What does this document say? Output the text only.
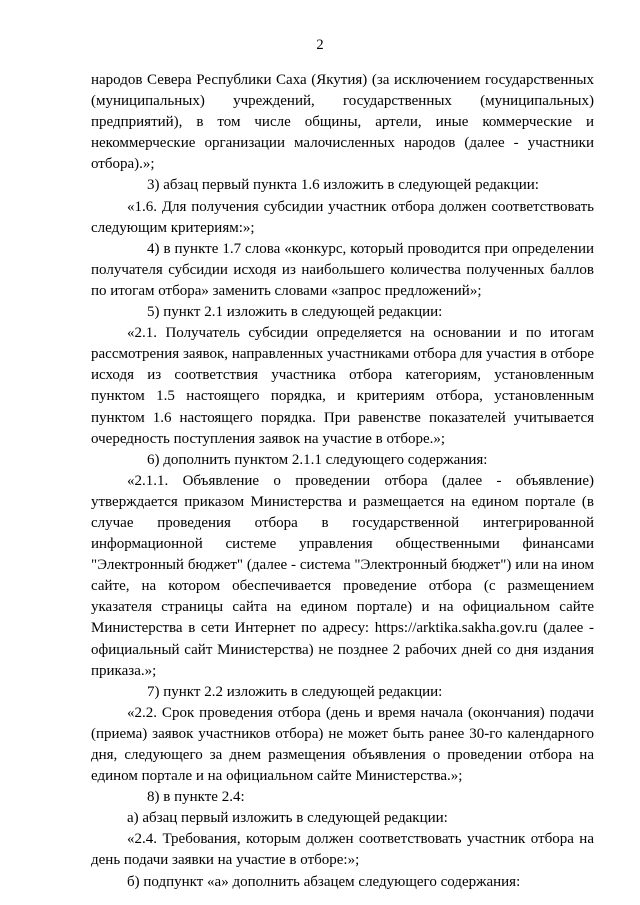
2

народов Севера Республики Саха (Якутия) (за исключением государственных (муниципальных) учреждений, государственных (муниципальных) предприятий), в том числе общины, артели, иные коммерческие и некоммерческие организации малочисленных народов (далее - участники отбора).»;

3) абзац первый пункта 1.6 изложить в следующей редакции:

«1.6. Для получения субсидии участник отбора должен соответствовать следующим критериям:»;

4) в пункте 1.7 слова «конкурс, который проводится при определении получателя субсидии исходя из наибольшего количества полученных баллов по итогам отбора» заменить словами «запрос предложений»;

5) пункт 2.1 изложить в следующей редакции:

«2.1. Получатель субсидии определяется на основании и по итогам рассмотрения заявок, направленных участниками отбора для участия в отборе исходя из соответствия участника отбора категориям, установленным пунктом 1.5 настоящего порядка, и критериям отбора, установленным пунктом 1.6 настоящего порядка. При равенстве показателей учитывается очередность поступления заявок на участие в отборе.»;

6) дополнить пунктом 2.1.1 следующего содержания:

«2.1.1. Объявление о проведении отбора (далее - объявление) утверждается приказом Министерства и размещается на едином портале (в случае проведения отбора в государственной интегрированной информационной системе управления общественными финансами "Электронный бюджет" (далее - система "Электронный бюджет") или на ином сайте, на котором обеспечивается проведение отбора (с размещением указателя страницы сайта на едином портале) и на официальном сайте Министерства в сети Интернет по адресу: https://arktika.sakha.gov.ru (далее - официальный сайт Министерства) не позднее 2 рабочих дней со дня издания приказа.»;

7) пункт 2.2 изложить в следующей редакции:

«2.2. Срок проведения отбора (день и время начала (окончания) подачи (приема) заявок участников отбора) не может быть ранее 30-го календарного дня, следующего за днем размещения объявления о проведении отбора на едином портале и на официальном сайте Министерства.»;

8) в пункте 2.4:

а) абзац первый изложить в следующей редакции:

«2.4. Требования, которым должен соответствовать участник отбора на день подачи заявки на участие в отборе:»;

б) подпункт «а» дополнить абзацем следующего содержания:
